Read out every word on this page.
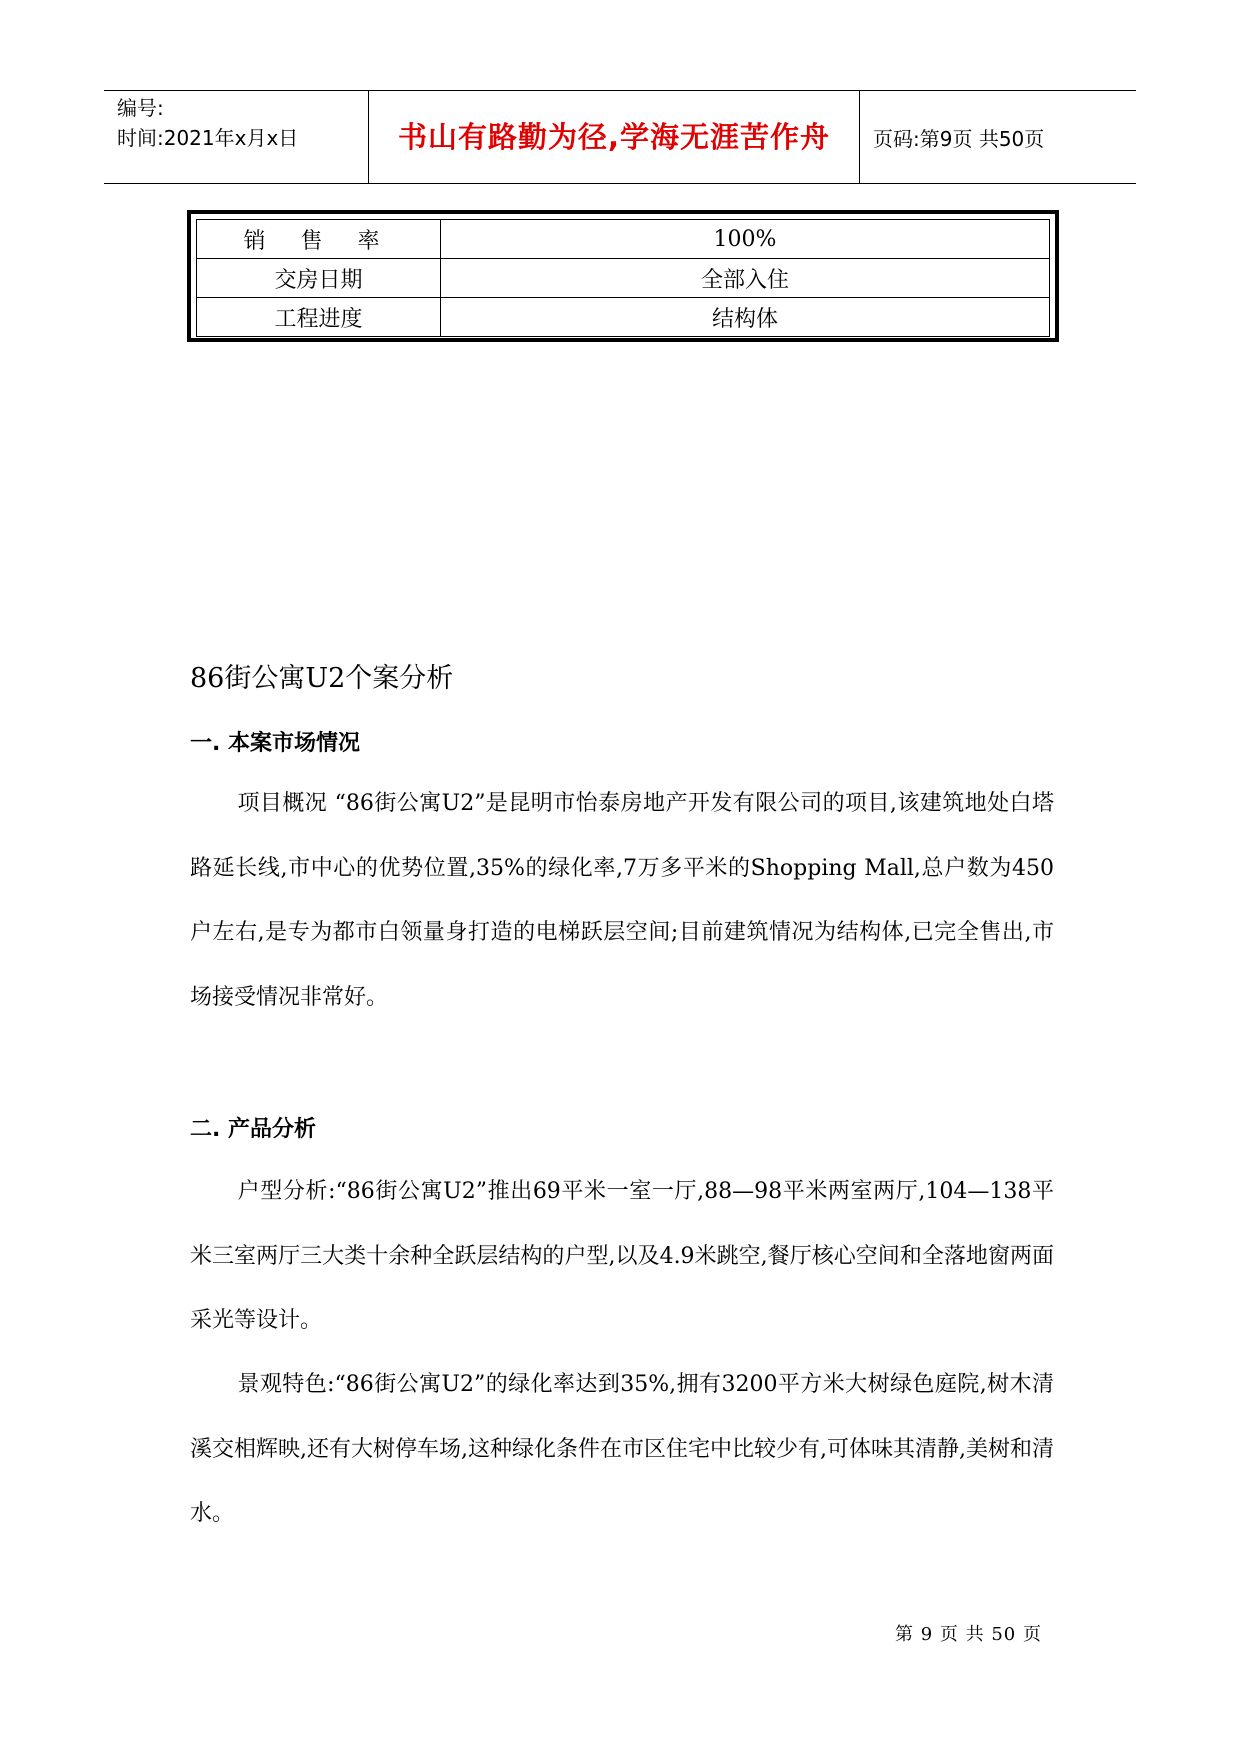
编号:
时间:2021年x月x日	书山有路勤为径,学海无涯苦作舟	页码:第9页 共50页
销 售 率	100%
交房日期	全部入住
工程进度	结构体
86街公寓U2个案分析
一. 本案市场情况

项目概况 “86街公寓U2”是昆明市怡泰房地产开发有限公司的项目,该建筑地处白塔路延长线,市中心的优势位置,35%的绿化率,7万多平米的Shopping Mall,总户数为450户左右,是专为都市白领量身打造的电梯跃层空间;目前建筑情况为结构体,已完全售出,市场接受情况非常好。

二. 产品分析

户型分析:“86街公寓U2”推出69平米一室一厅,88—98平米两室两厅,104—138平米三室两厅三大类十余种全跃层结构的户型,以及4.9米跳空,餐厅核心空间和全落地窗两面采光等设计。

景观特色:“86街公寓U2”的绿化率达到35%,拥有3200平方米大树绿色庭院,树木清溪交相辉映,还有大树停车场,这种绿化条件在市区住宅中比较少有,可体味其清静,美树和清水。

第 9 页 共 50 页
